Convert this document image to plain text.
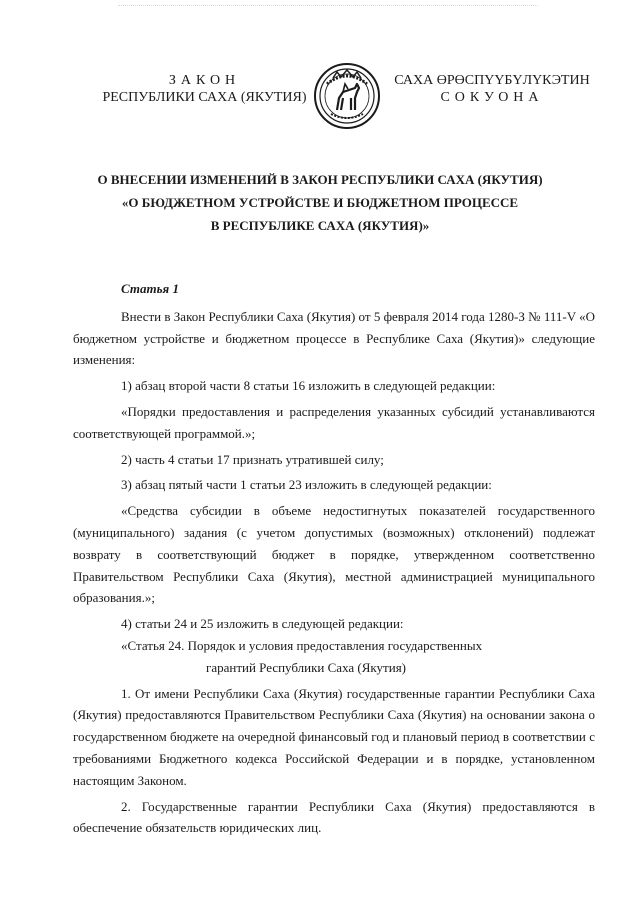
ЗАКОН
РЕСПУБЛИКИ САХА (ЯКУТИЯ)
САХА ӨРӨСПҮҮБҮЛҮКЭТИН
СОКУОНА
О ВНЕСЕНИИ ИЗМЕНЕНИЙ В ЗАКОН РЕСПУБЛИКИ САХА (ЯКУТИЯ)
«О БЮДЖЕТНОМ УСТРОЙСТВЕ И БЮДЖЕТНОМ ПРОЦЕССЕ
В РЕСПУБЛИКЕ САХА (ЯКУТИЯ)»

Статья 1

Внести в Закон Республики Саха (Якутия) от 5 февраля 2014 года 1280-З № 111-V «О бюджетном устройстве и бюджетном процессе в Республике Саха (Якутия)» следующие изменения:

1) абзац второй части 8 статьи 16 изложить в следующей редакции:

«Порядки предоставления и распределения указанных субсидий устанавливаются соответствующей программой.»;

2) часть 4 статьи 17 признать утратившей силу;

3) абзац пятый части 1 статьи 23 изложить в следующей редакции:

«Средства субсидии в объеме недостигнутых показателей государственного (муниципального) задания (с учетом допустимых (возможных) отклонений) подлежат возврату в соответствующий бюджет в порядке, утвержденном соответственно Правительством Республики Саха (Якутия), местной администрацией муниципального образования.»;

4) статьи 24 и 25 изложить в следующей редакции:

«Статья 24. Порядок и условия предоставления государственных

гарантий Республики Саха (Якутия)

1. От имени Республики Саха (Якутия) государственные гарантии Республики Саха (Якутия) предоставляются Правительством Республики Саха (Якутия) на основании закона о государственном бюджете на очередной финансовый год и плановый период в соответствии с требованиями Бюджетного кодекса Российской Федерации и в порядке, установленном настоящим Законом.

2. Государственные гарантии Республики Саха (Якутия) предоставляются в обеспечение обязательств юридических лиц.
